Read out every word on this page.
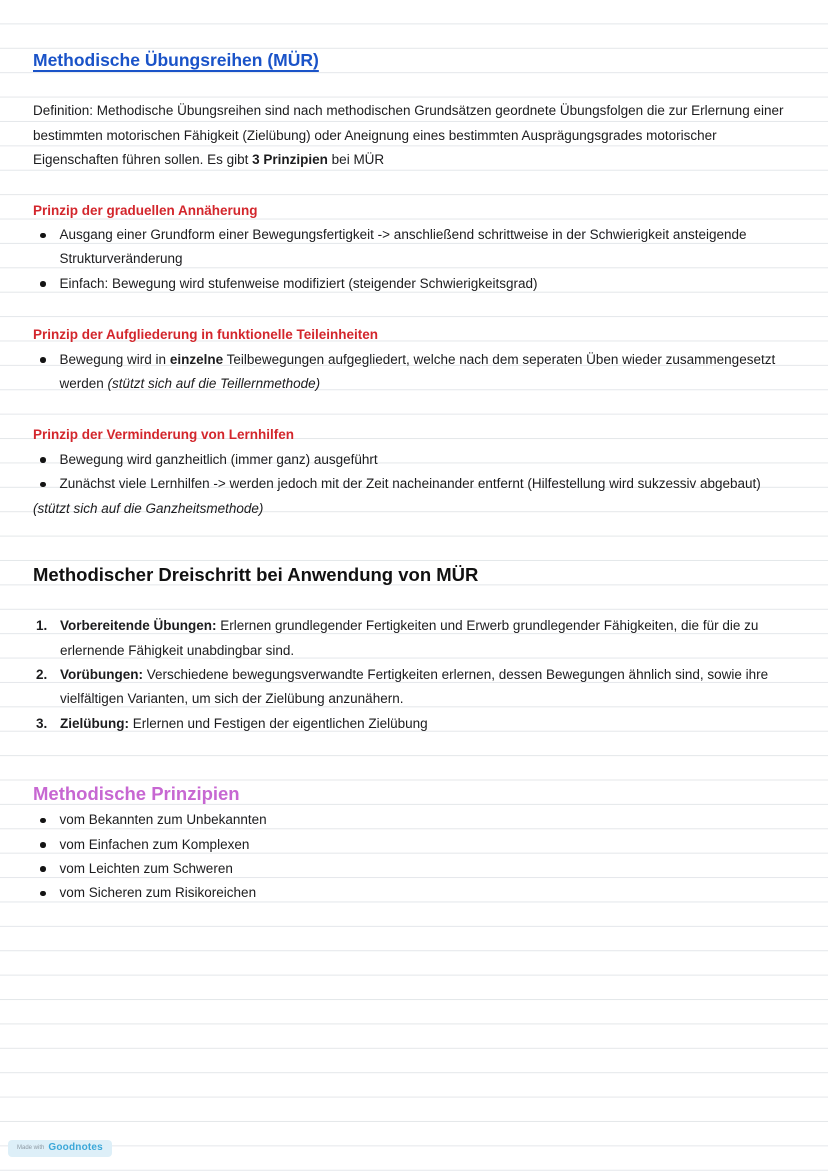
Methodische Übungsreihen (MÜR)

Definition: Methodische Übungsreihen sind nach methodischen Grundsätzen geordnete Übungsfolgen die zur Erlernung einer bestimmten motorischen Fähigkeit (Zielübung) oder Aneignung eines bestimmten Ausprägungsgrades motorischer Eigenschaften führen sollen. Es gibt 3 Prinzipien bei MÜR

Prinzip der graduellen Annäherung
Ausgang einer Grundform einer Bewegungsfertigkeit -> anschließend schrittweise in der Schwierigkeit ansteigende Strukturveränderung
Einfach: Bewegung wird stufenweise modifiziert (steigender Schwierigkeitsgrad)
Prinzip der Aufgliederung in funktionelle Teileinheiten
Bewegung wird in einzelne Teilbewegungen aufgegliedert, welche nach dem seperaten Üben wieder zusammengesetzt werden (stützt sich auf die Teillernmethode)
Prinzip der Verminderung von Lernhilfen
Bewegung wird ganzheitlich (immer ganz) ausgeführt
Zunächst viele Lernhilfen -> werden jedoch mit der Zeit nacheinander entfernt (Hilfestellung wird sukzessiv abgebaut)

(stützt sich auf die Ganzheitsmethode)

Methodischer Dreischritt bei Anwendung von MÜR
1. Vorbereitende Übungen: Erlernen grundlegender Fertigkeiten und Erwerb grundlegender Fähigkeiten, die für die zu erlernende Fähigkeit unabdingbar sind.
2. Vorübungen: Verschiedene bewegungsverwandte Fertigkeiten erlernen, dessen Bewegungen ähnlich sind, sowie ihre vielfältigen Varianten, um sich der Zielübung anzunähern.
3. Zielübung: Erlernen und Festigen der eigentlichen Zielübung
Methodische Prinzipien
vom Bekannten zum Unbekannten
vom Einfachen zum Komplexen
vom Leichten zum Schweren
vom Sicheren zum Risikoreichen
Made with Goodnotes
